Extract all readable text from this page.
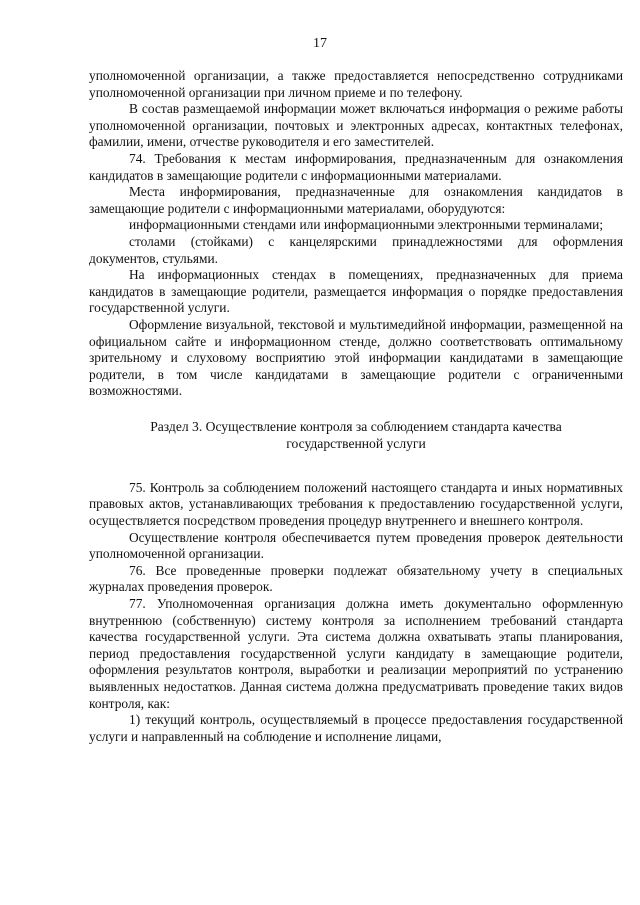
17

уполномоченной организации, а также предоставляется непосредственно сотрудниками уполномоченной организации при личном приеме и по телефону.

В состав размещаемой информации может включаться информация о режиме работы уполномоченной организации, почтовых и электронных адресах, контактных телефонах, фамилии, имени, отчестве руководителя и его заместителей.

74. Требования к местам информирования, предназначенным для ознакомления кандидатов в замещающие родители с информационными материалами.

Места информирования, предназначенные для ознакомления кандидатов в замещающие родители с информационными материалами, оборудуются:

информационными стендами или информационными электронными терминалами;

столами (стойками) с канцелярскими принадлежностями для оформления документов, стульями.

На информационных стендах в помещениях, предназначенных для приема кандидатов в замещающие родители, размещается информация о порядке предоставления государственной услуги.

Оформление визуальной, текстовой и мультимедийной информации, размещенной на официальном сайте и информационном стенде, должно соответствовать оптимальному зрительному и слуховому восприятию этой информации кандидатами в замещающие родители, в том числе кандидатами в замещающие родители с ограниченными возможностями.

Раздел 3. Осуществление контроля за соблюдением стандарта качества
государственной услуги

75. Контроль за соблюдением положений настоящего стандарта и иных нормативных правовых актов, устанавливающих требования к предоставлению государственной услуги, осуществляется посредством проведения процедур внутреннего и внешнего контроля.

Осуществление контроля обеспечивается путем проведения проверок деятельности уполномоченной организации.

76. Все проведенные проверки подлежат обязательному учету в специальных журналах проведения проверок.

77. Уполномоченная организация должна иметь документально оформленную внутреннюю (собственную) систему контроля за исполнением требований стандарта качества государственной услуги. Эта система должна охватывать этапы планирования, период предоставления государственной услуги кандидату в замещающие родители, оформления результатов контроля, выработки и реализации мероприятий по устранению выявленных недостатков. Данная система должна предусматривать проведение таких видов контроля, как:

1) текущий контроль, осуществляемый в процессе предоставления государственной услуги и направленный на соблюдение и исполнение лицами,
